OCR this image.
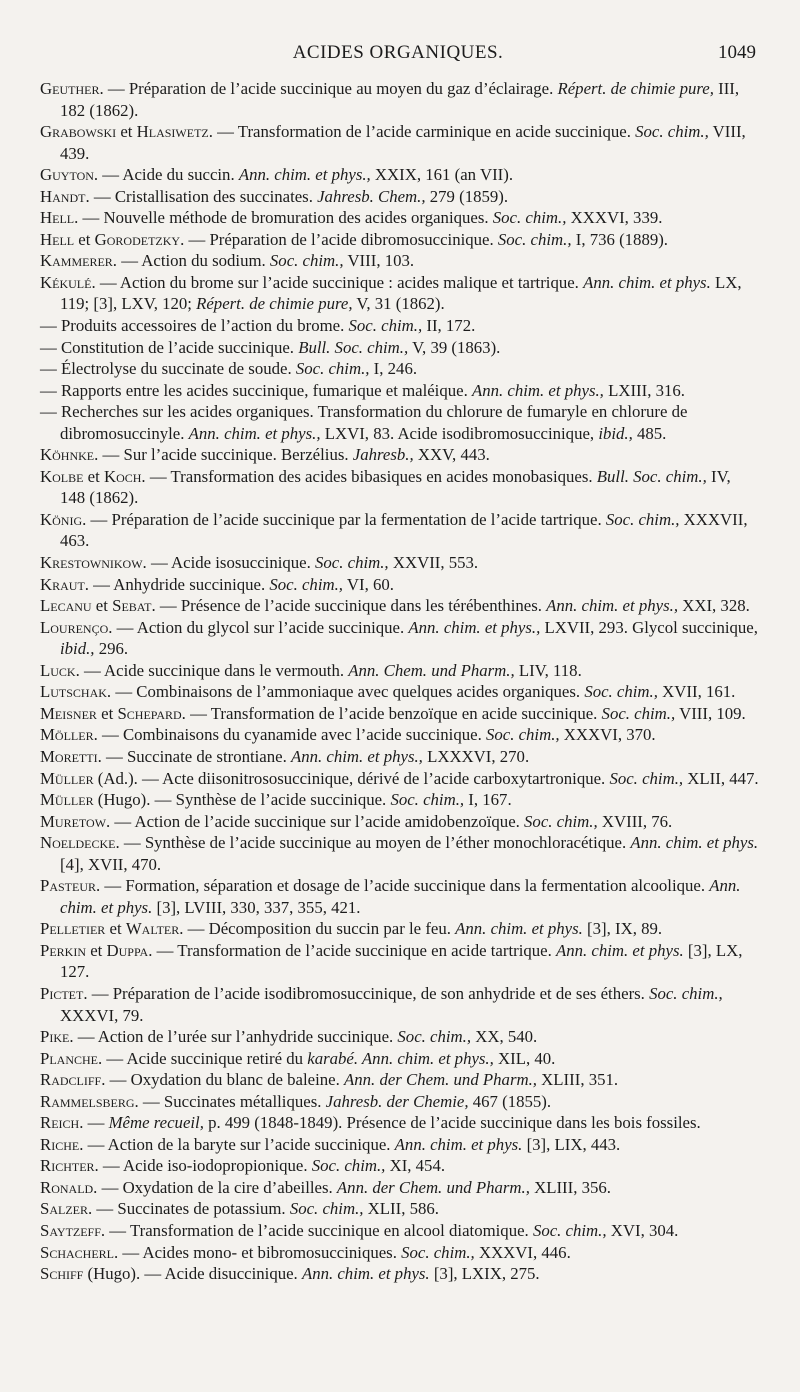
ACIDES ORGANIQUES.	1049

Geuther. — Préparation de l’acide succinique au moyen du gaz d’éclairage. Répert. de chimie pure, III, 182 (1862).

Grabowski et Hlasiwetz. — Transformation de l’acide carminique en acide succinique. Soc. chim., VIII, 439.

Guyton. — Acide du succin. Ann. chim. et phys., XXIX, 161 (an VII).

Handt. — Cristallisation des succinates. Jahresb. Chem., 279 (1859).

Hell. — Nouvelle méthode de bromuration des acides organiques. Soc. chim., XXXVI, 339.

Hell et Gorodetzky. — Préparation de l’acide dibromosuccinique. Soc. chim., I, 736 (1889).

Kammerer. — Action du sodium. Soc. chim., VIII, 103.

Kékulé. — Action du brome sur l’acide succinique : acides malique et tartrique. Ann. chim. et phys. LX, 119; [3], LXV, 120; Répert. de chimie pure, V, 31 (1862).

— Produits accessoires de l’action du brome. Soc. chim., II, 172.

— Constitution de l’acide succinique. Bull. Soc. chim., V, 39 (1863).

— Électrolyse du succinate de soude. Soc. chim., I, 246.

— Rapports entre les acides succinique, fumarique et maléique. Ann. chim. et phys., LXIII, 316.

— Recherches sur les acides organiques. Transformation du chlorure de fumaryle en chlorure de dibromosuccinyle. Ann. chim. et phys., LXVI, 83. Acide isodibromosuccinique, ibid., 485.

Köhnke. — Sur l’acide succinique. Berzélius. Jahresb., XXV, 443.

Kolbe et Koch. — Transformation des acides bibasiques en acides monobasiques. Bull. Soc. chim., IV, 148 (1862).

König. — Préparation de l’acide succinique par la fermentation de l’acide tartrique. Soc. chim., XXXVII, 463.

Krestownikow. — Acide isosuccinique. Soc. chim., XXVII, 553.

Kraut. — Anhydride succinique. Soc. chim., VI, 60.

Lecanu et Sebat. — Présence de l’acide succinique dans les térébenthines. Ann. chim. et phys., XXI, 328.

Lourenço. — Action du glycol sur l’acide succinique. Ann. chim. et phys., LXVII, 293. Glycol succinique, ibid., 296.

Luck. — Acide succinique dans le vermouth. Ann. Chem. und Pharm., LIV, 118.

Lutschak. — Combinaisons de l’ammoniaque avec quelques acides organiques. Soc. chim., XVII, 161.

Meisner et Schepard. — Transformation de l’acide benzoïque en acide succinique. Soc. chim., VIII, 109.

Möller. — Combinaisons du cyanamide avec l’acide succinique. Soc. chim., XXXVI, 370.

Moretti. — Succinate de strontiane. Ann. chim. et phys., LXXXVI, 270.

Müller (Ad.). — Acte diisonitrososuccinique, dérivé de l’acide carboxytartronique. Soc. chim., XLII, 447.

Müller (Hugo). — Synthèse de l’acide succinique. Soc. chim., I, 167.

Muretow. — Action de l’acide succinique sur l’acide amidobenzoïque. Soc. chim., XVIII, 76.

Noeldecke. — Synthèse de l’acide succinique au moyen de l’éther monochloracétique. Ann. chim. et phys. [4], XVII, 470.

Pasteur. — Formation, séparation et dosage de l’acide succinique dans la fermentation alcoolique. Ann. chim. et phys. [3], LVIII, 330, 337, 355, 421.

Pelletier et Walter. — Décomposition du succin par le feu. Ann. chim. et phys. [3], IX, 89.

Perkin et Duppa. — Transformation de l’acide succinique en acide tartrique. Ann. chim. et phys. [3], LX, 127.

Pictet. — Préparation de l’acide isodibromosuccinique, de son anhydride et de ses éthers. Soc. chim., XXXVI, 79.

Pike. — Action de l’urée sur l’anhydride succinique. Soc. chim., XX, 540.

Planche. — Acide succinique retiré du karabé. Ann. chim. et phys., XIL, 40.

Radcliff. — Oxydation du blanc de baleine. Ann. der Chem. und Pharm., XLIII, 351.

Rammelsberg. — Succinates métalliques. Jahresb. der Chemie, 467 (1855).

Reich. — Même recueil, p. 499 (1848-1849). Présence de l’acide succinique dans les bois fossiles.

Riche. — Action de la baryte sur l’acide succinique. Ann. chim. et phys. [3], LIX, 443.

Richter. — Acide iso-iodopropionique. Soc. chim., XI, 454.

Ronald. — Oxydation de la cire d’abeilles. Ann. der Chem. und Pharm., XLIII, 356.

Salzer. — Succinates de potassium. Soc. chim., XLII, 586.

Saytzeff. — Transformation de l’acide succinique en alcool diatomique. Soc. chim., XVI, 304.

Schacherl. — Acides mono- et bibromosucciniques. Soc. chim., XXXVI, 446.

Schiff (Hugo). — Acide disuccinique. Ann. chim. et phys. [3], LXIX, 275.
